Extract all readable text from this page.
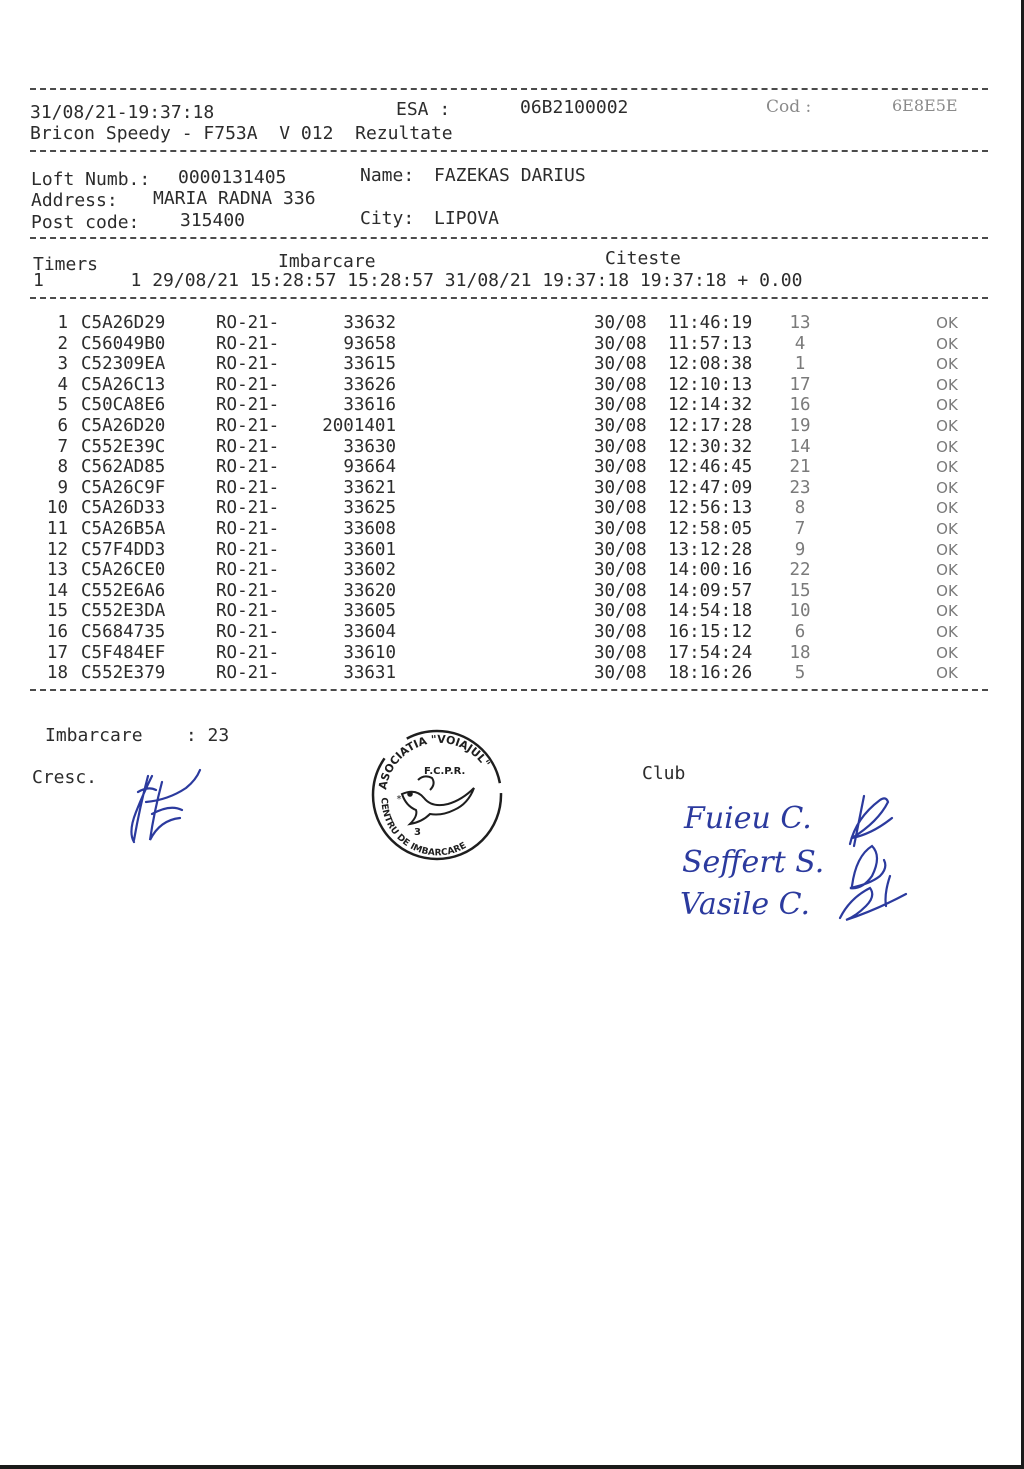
31/08/21-19:37:18	ESA :	06B2100002	Cod :	6E8E5E
Bricon Speedy - F753A  V 012  Rezultate
Loft Numb.: 0000131405	Name: FAZEKAS DARIUS
Address: MARIA RADNA 336
Post code: 315400	City: LIPOVA
Timers	Imbarcare	Citeste
1        1 29/08/21 15:28:57 15:28:57 31/08/21 19:37:18 19:37:18 + 0.00
1 C5A26D29	RO-21-	33632	30/08 11:46:19 13	OK
2 C56049B0	RO-21-	93658	30/08 11:57:13	4	OK
3 C52309EA	RO-21-	33615	30/08 12:08:38	1	OK
4 C5A26C13	RO-21-	33626	30/08 12:10:13 17	OK
5 C50CA8E6	RO-21-	33616	30/08 12:14:32 16	OK
6 C5A26D20	RO-21-	2001401	30/08 12:17:28 19	OK
7 C552E39C	RO-21-	33630	30/08 12:30:32 14	OK
8 C562AD85	RO-21-	93664	30/08 12:46:45 21	OK
9 C5A26C9F	RO-21-	33621	30/08 12:47:09 23	OK
10 C5A26D33	RO-21-	33625	30/08 12:56:13	8	OK
11 C5A26B5A	RO-21-	33608	30/08 12:58:05	7	OK
12 C57F4DD3	RO-21-	33601	30/08 13:12:28	9	OK
13 C5A26CE0	RO-21-	33602	30/08 14:00:16 22	OK
14 C552E6A6	RO-21-	33620	30/08 14:09:57 15	OK
15 C552E3DA	RO-21-	33605	30/08 14:54:18 10	OK
16 C5684735	RO-21-	33604	30/08 16:15:12	6	OK
17 C5F484EF	RO-21-	33610	30/08 17:54:24 18	OK
18 C552E379	RO-21-	33631	30/08 18:16:26	5	OK
Imbarcare    : 23
Cresc.	Club
ASOCIATIA "VOIAJUL"
F.C.P.R.
CENTRU DE IMBARCARE
3
*
Fuieu C.
Seffert S.
Vasile C.
